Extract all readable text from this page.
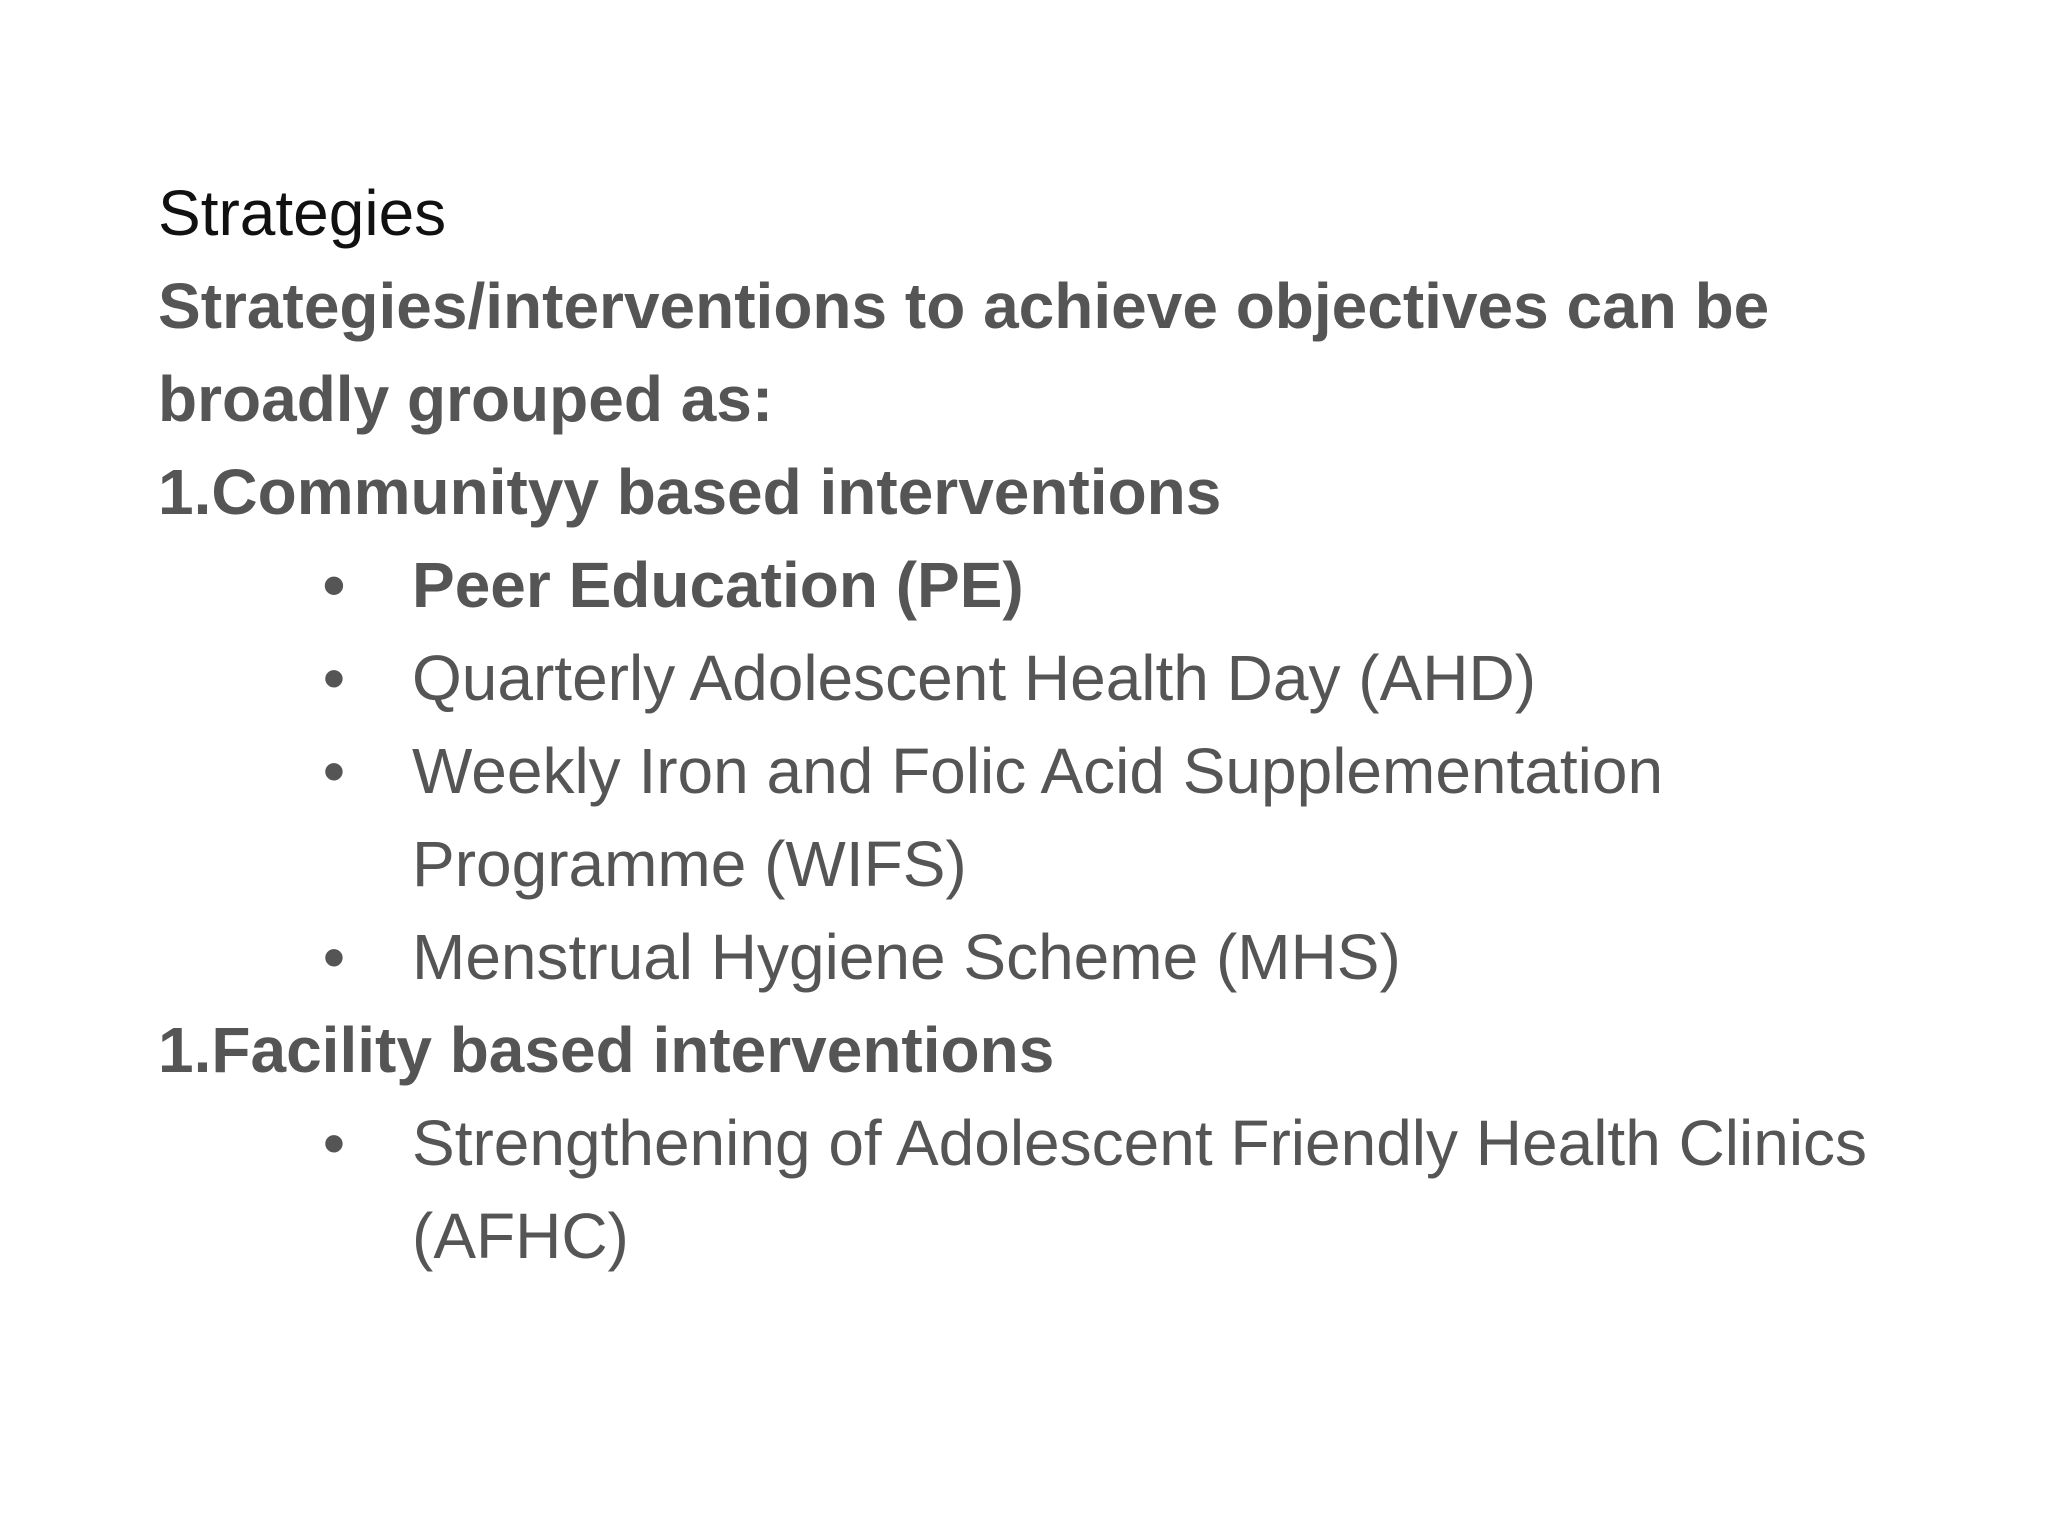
Strategies

Strategies/interventions to achieve objectives can be broadly grouped as:

1.Communityy based interventions

• Peer Education (PE)
• Quarterly Adolescent Health Day (AHD)
• Weekly Iron and Folic Acid Supplementation Programme (WIFS)
• Menstrual Hygiene Scheme (MHS)

1.Facility based interventions

• Strengthening of Adolescent Friendly Health Clinics (AFHC)
